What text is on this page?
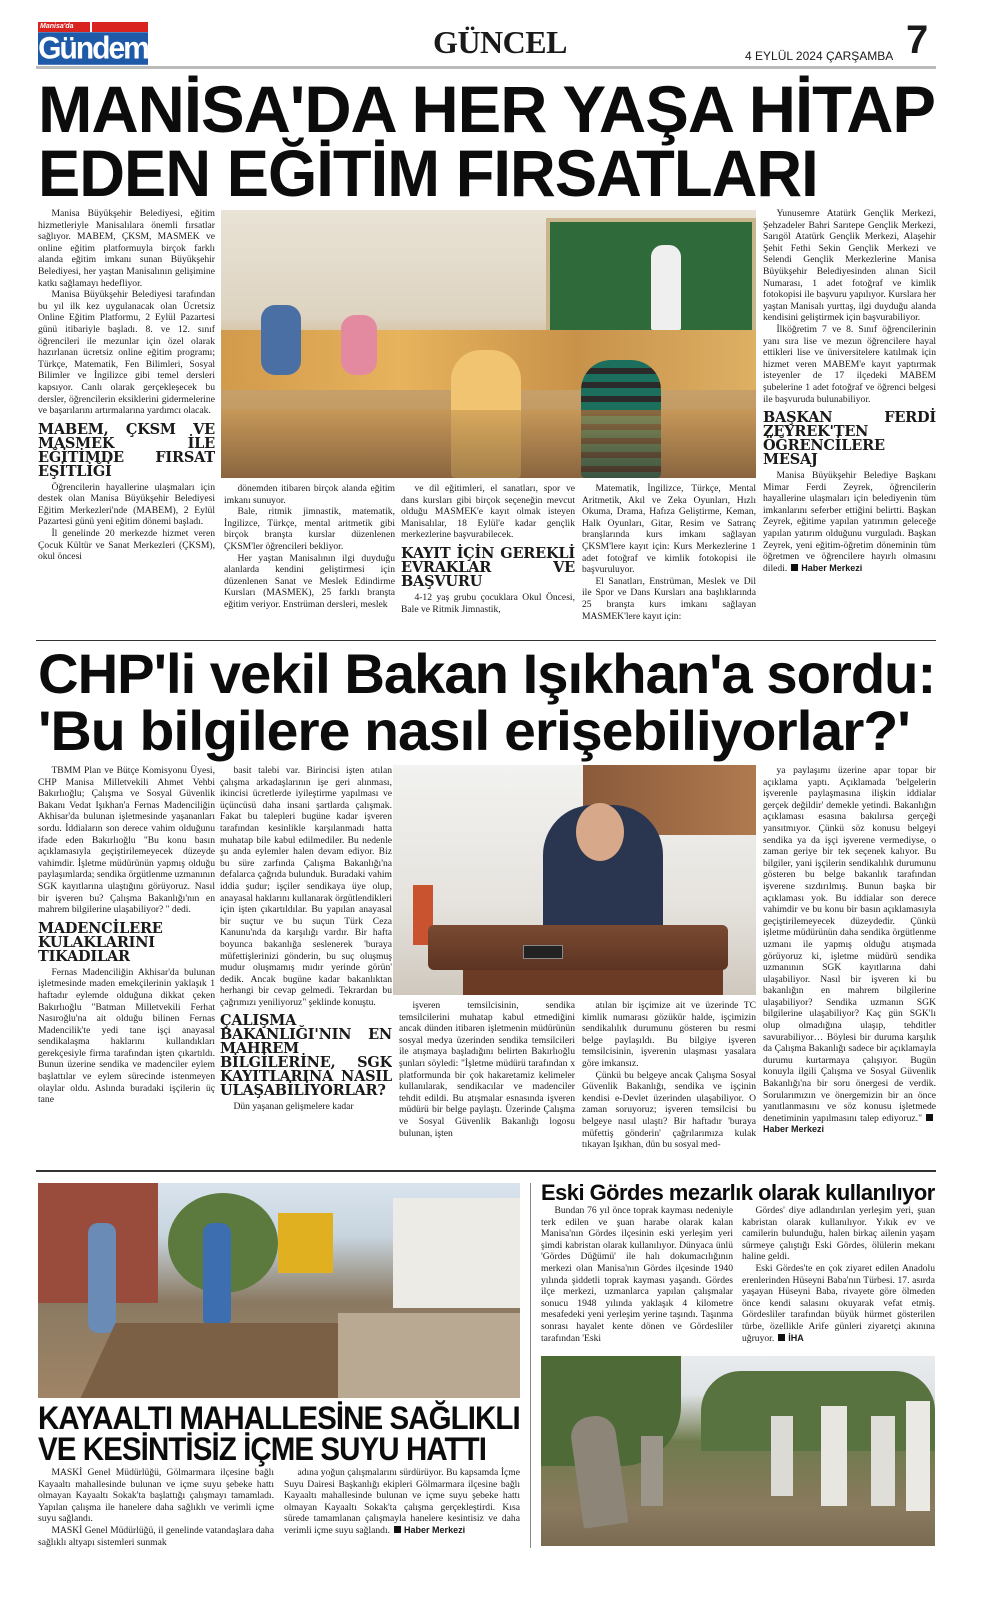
Manisa'da
Gündem	GÜNCEL	4 EYLÜL 2024 ÇARŞAMBA 7
MANİSA'DA HER YAŞA HİTAP
EDEN EĞİTİM FIRSATLARI

Manisa Büyükşehir Belediyesi, eğitim hizmetleriyle Manisalılara önemli fırsatlar sağlıyor. MABEM, ÇKSM, MASMEK ve online eğitim platformuyla birçok farklı alanda eğitim imkanı sunan Büyükşehir Belediyesi, her yaştan Manisalının gelişimine katkı sağlamayı hedefliyor.

Manisa Büyükşehir Belediyesi tarafından bu yıl ilk kez uygulanacak olan Ücretsiz Online Eğitim Platformu, 2 Eylül Pazartesi günü itibariyle başladı. 8. ve 12. sınıf öğrencileri ile mezunlar için özel olarak hazırlanan ücretsiz online eğitim programı; Türkçe, Matematik, Fen Bilimleri, Sosyal Bilimler ve İngilizce gibi temel dersleri kapsıyor. Canlı olarak gerçekleşecek bu dersler, öğrencilerin eksiklerini gidermelerine ve başarılarını artırmalarına yardımcı olacak.

MABEM, ÇKSM VE MASMEK İLE EĞİTİMDE FIRSAT EŞİTLİĞİ

Öğrencilerin hayallerine ulaşmaları için destek olan Manisa Büyükşehir Belediyesi Eğitim Merkezleri'nde (MABEM), 2 Eylül Pazartesi günü yeni eğitim dönemi başladı.

İl genelinde 20 merkezde hizmet veren Çocuk Kültür ve Sanat Merkezleri (ÇKSM), okul öncesi

dönemden itibaren birçok alanda eğitim imkanı sunuyor.

Bale, ritmik jimnastik, matematik, İngilizce, Türkçe, mental aritmetik gibi birçok branşta kurslar düzenlenen ÇKSM'ler öğrencileri bekliyor.

Her yaştan Manisalının ilgi duyduğu alanlarda kendini geliştirmesi için düzenlenen Sanat ve Meslek Edindirme Kursları (MASMEK), 25 farklı branşta eğitim veriyor. Enstrüman dersleri, meslek

ve dil eğitimleri, el sanatları, spor ve dans kursları gibi birçok seçeneğin mevcut olduğu MASMEK'e kayıt olmak isteyen Manisalılar, 18 Eylül'e kadar gençlik merkezlerine başvurabilecek.

KAYIT İÇİN GEREKLİ EVRAKLAR VE BAŞVURU

4-12 yaş grubu çocuklara Okul Öncesi, Bale ve Ritmik Jimnastik,

Matematik, İngilizce, Türkçe, Mental Aritmetik, Akıl ve Zeka Oyunları, Hızlı Okuma, Drama, Hafıza Geliştirme, Keman, Halk Oyunları, Gitar, Resim ve Satranç branşlarında kurs imkanı sağlayan ÇKSM'lere kayıt için: Kurs Merkezlerine 1 adet fotoğraf ve kimlik fotokopisi ile başvuruluyor.

El Sanatları, Enstrüman, Meslek ve Dil ile Spor ve Dans Kursları ana başlıklarında 25 branşta kurs imkanı sağlayan MASMEK'lere kayıt için:

Yunusemre Atatürk Gençlik Merkezi, Şehzadeler Bahri Sarıtepe Gençlik Merkezi, Sarıgöl Atatürk Gençlik Merkezi, Alaşehir Şehit Fethi Sekin Gençlik Merkezi ve Selendi Gençlik Merkezlerine Manisa Büyükşehir Belediyesinden alınan Sicil Numarası, 1 adet fotoğraf ve kimlik fotokopisi ile başvuru yapılıyor. Kurslara her yaştan Manisalı yurttaş, ilgi duyduğu alanda kendisini geliştirmek için başvurabiliyor.

İlköğretim 7 ve 8. Sınıf öğrencilerinin yanı sıra lise ve mezun öğrencilere hayal ettikleri lise ve üniversitelere katılmak için hizmet veren MABEM'e kayıt yaptırmak isteyenler de 17 ilçedeki MABEM şubelerine 1 adet fotoğraf ve öğrenci belgesi ile başvuruda bulunabiliyor.

BAŞKAN FERDİ ZEYREK'TEN ÖĞRENCİLERE MESAJ

Manisa Büyükşehir Belediye Başkanı Mimar Ferdi Zeyrek, öğrencilerin hayallerine ulaşmaları için belediyenin tüm imkanlarını seferber ettiğini belirtti. Başkan Zeyrek, eğitime yapılan yatırımın geleceğe yapılan yatırım olduğunu vurguladı. Başkan Zeyrek, yeni eğitim-öğretim döneminin tüm öğretmen ve öğrencilere hayırlı olmasını diledi. Haber Merkezi

CHP'li vekil Bakan Işıkhan'a sordu:
'Bu bilgilere nasıl erişebiliyorlar?'

TBMM Plan ve Bütçe Komisyonu Üyesi, CHP Manisa Milletvekili Ahmet Vehbi Bakırlıoğlu; Çalışma ve Sosyal Güvenlik Bakanı Vedat Işıkhan'a Fernas Madenciliğin Akhisar'da bulunan işletmesinde yaşananları sordu. İddiaların son derece vahim olduğunu ifade eden Bakırlıoğlu "Bu konu basın açıklamasıyla geçiştirilemeyecek düzeyde vahimdir. İşletme müdürünün yapmış olduğu paylaşımlarda; sendika örgütlenme uzmanının SGK kayıtlarına ulaştığını görüyoruz. Nasıl bir işveren bu? Çalışma Bakanlığı'nın en mahrem bilgilerine ulaşabiliyor? " dedi.

MADENCİLERE KULAKLARINI TIKADILAR

Fernas Madenciliğin Akhisar'da bulunan işletmesinde maden emekçilerinin yaklaşık 1 haftadır eylemde olduğuna dikkat çeken Bakırlıoğlu "Batman Milletvekili Ferhat Nasıroğlu'na ait olduğu bilinen Fernas Madencilik'te yedi tane işçi anayasal sendikalaşma haklarını kullandıkları gerekçesiyle firma tarafından işten çıkartıldı. Bunun üzerine sendika ve madenciler eylem başlattılar ve eylem sürecinde istenmeyen olaylar oldu. Aslında buradaki işçilerin üç tane

basit talebi var. Birincisi işten atılan çalışma arkadaşlarının işe geri alınması, ikincisi ücretlerde iyileştirme yapılması ve üçüncüsü daha insani şartlarda çalışmak. Fakat bu talepleri bugüne kadar işveren tarafından kesinlikle karşılanmadı hatta muhatap bile kabul edilmediler. Bu nedenle şu anda eylemler halen devam ediyor. Biz bu süre zarfında Çalışma Bakanlığı'na defalarca çağrıda bulunduk. Buradaki vahim iddia şudur; işçiler sendikaya üye olup, anayasal haklarını kullanarak örgütlendikleri için işten çıkartıldılar. Bu yapılan anayasal bir suçtur ve bu suçun Türk Ceza Kanunu'nda da karşılığı vardır. Bir hafta boyunca bakanlığa seslenerek 'buraya müfettişlerinizi gönderin, bu suç oluşmuş mudur oluşmamış mıdır yerinde görün' dedik. Ancak bugüne kadar bakanlıktan herhangi bir cevap gelmedi. Tekrardan bu çağrımızı yeniliyoruz" şeklinde konuştu.

ÇALIŞMA BAKANLIĞI'NIN EN MAHREM BİLGİLERİNE, SGK KAYITLARINA NASIL ULAŞABİLİYORLAR?

Dün yaşanan gelişmelere kadar

işveren temsilcisinin, sendika temsilcilerini muhatap kabul etmediğini ancak dünden itibaren işletmenin müdürünün sosyal medya üzerinden sendika temsilcileri ile atışmaya başladığını belirten Bakırlıoğlu şunları söyledi: "İşletme müdürü tarafından x platformunda bir çok hakaretamiz kelimeler kullanılarak, sendikacılar ve madenciler tehdit edildi. Bu atışmalar esnasında işveren müdürü bir belge paylaştı. Üzerinde Çalışma ve Sosyal Güvenlik Bakanlığı logosu bulunan, işten

atılan bir işçimize ait ve üzerinde TC kimlik numarası gözükür halde, işçimizin sendikalılık durumunu gösteren bu resmi belge paylaşıldı. Bu bilgiye işveren temsilcisinin, işverenin ulaşması yasalara göre imkansız.

Çünkü bu belgeye ancak Çalışma Sosyal Güvenlik Bakanlığı, sendika ve işçinin kendisi e-Devlet üzerinden ulaşabiliyor. O zaman soruyoruz; işveren temsilcisi bu belgeye nasıl ulaştı? Bir haftadır 'buraya müfettiş gönderin' çağrılarımıza kulak tıkayan Işıkhan, dün bu sosyal med-

ya paylaşımı üzerine apar topar bir açıklama yaptı. Açıklamada 'belgelerin işverenle paylaşmasına ilişkin iddialar gerçek değildir' demekle yetindi. Bakanlığın açıklaması esasına bakılırsa gerçeği yansıtmıyor. Çünkü söz konusu belgeyi sendika ya da işçi işverene vermediyse, o zaman geriye bir tek seçenek kalıyor. Bu bilgiler, yani işçilerin sendikalılık durumunu gösteren bu belge bakanlık tarafından işverene sızdırılmış. Bunun başka bir açıklaması yok. Bu iddialar son derece vahimdir ve bu konu bir basın açıklamasıyla geçiştirilemeyecek düzeydedir. Çünkü işletme müdürünün daha sendika örgütlenme uzmanı ile yapmış olduğu atışmada görüyoruz ki, işletme müdürü sendika uzmanının SGK kayıtlarına dahi ulaşabiliyor. Nasıl bir işveren ki bu bakanlığın en mahrem bilgilerine ulaşabiliyor? Sendika uzmanın SGK bilgilerine ulaşabiliyor? Kaç gün SGK'lı olup olmadığına ulaşıp, tehditler savurabiliyor… Böylesi bir duruma karşılık da Çalışma Bakanlığı sadece bir açıklamayla durumu kurtarmaya çalışıyor. Bugün konuyla ilgili Çalışma ve Sosyal Güvenlik Bakanlığı'na bir soru önergesi de verdik. Sorularımızın ve önergemizin bir an önce yanıtlanmasını ve söz konusu işletmede denetiminin yapılmasını talep ediyoruz."Haber Merkezi

KAYAALTI MAHALLESİNE SAĞLIKLI
VE KESİNTİSİZ İÇME SUYU HATTI

MASKİ Genel Müdürlüğü, Gölmarmara ilçesine bağlı Kayaaltı mahallesinde bulunan ve içme suyu şebeke hattı olmayan Kayaaltı Sokak'ta başlattığı çalışmayı tamamladı. Yapılan çalışma ile hanelere daha sağlıklı ve verimli içme suyu sağlandı.

MASKİ Genel Müdürlüğü, il genelinde vatandaşlara daha sağlıklı altyapı sistemleri sunmak

adına yoğun çalışmalarını sürdürüyor. Bu kapsamda İçme Suyu Dairesi Başkanlığı ekipleri Gölmarmara ilçesine bağlı Kayaaltı mahallesinde bulunan ve içme suyu şebeke hattı olmayan Kayaaltı Sokak'ta çalışma gerçekleştirdi. Kısa sürede tamamlanan çalışmayla hanelere kesintisiz ve daha verimli içme suyu sağlandı. Haber Merkezi

Eski Gördes mezarlık olarak kullanılıyor

Bundan 76 yıl önce toprak kayması nedeniyle terk edilen ve şuan harabe olarak kalan Manisa'nın Gördes ilçesinin eski yerleşim yeri şimdi kabristan olarak kullanılıyor. Dünyaca ünlü 'Gördes Düğümü' ile halı dokumacılığının merkezi olan Manisa'nın Gördes ilçesinde 1940 yılında şiddetli toprak kayması yaşandı. Gördes ilçe merkezi, uzmanlarca yapılan çalışmalar sonucu 1948 yılında yaklaşık 4 kilometre mesafedeki yeni yerleşim yerine taşındı. Taşınma sonrası hayalet kente dönen ve Gördesliler tarafından 'Eski

Gördes' diye adlandırılan yerleşim yeri, şuan kabristan olarak kullanılıyor. Yıkık ev ve camilerin bulunduğu, halen birkaç ailenin yaşam sürmeye çalıştığı Eski Gördes, ölülerin mekanı haline geldi.

Eski Gördes'te en çok ziyaret edilen Anadolu erenlerinden Hüseyni Baba'nın Türbesi. 17. asırda yaşayan Hüseyni Baba, rivayete göre ölmeden önce kendi salasını okuyarak vefat etmiş. Gördesliler tarafından büyük hürmet gösterilen türbe, özellikle Arife günleri ziyaretçi akınına uğruyor. İHA
